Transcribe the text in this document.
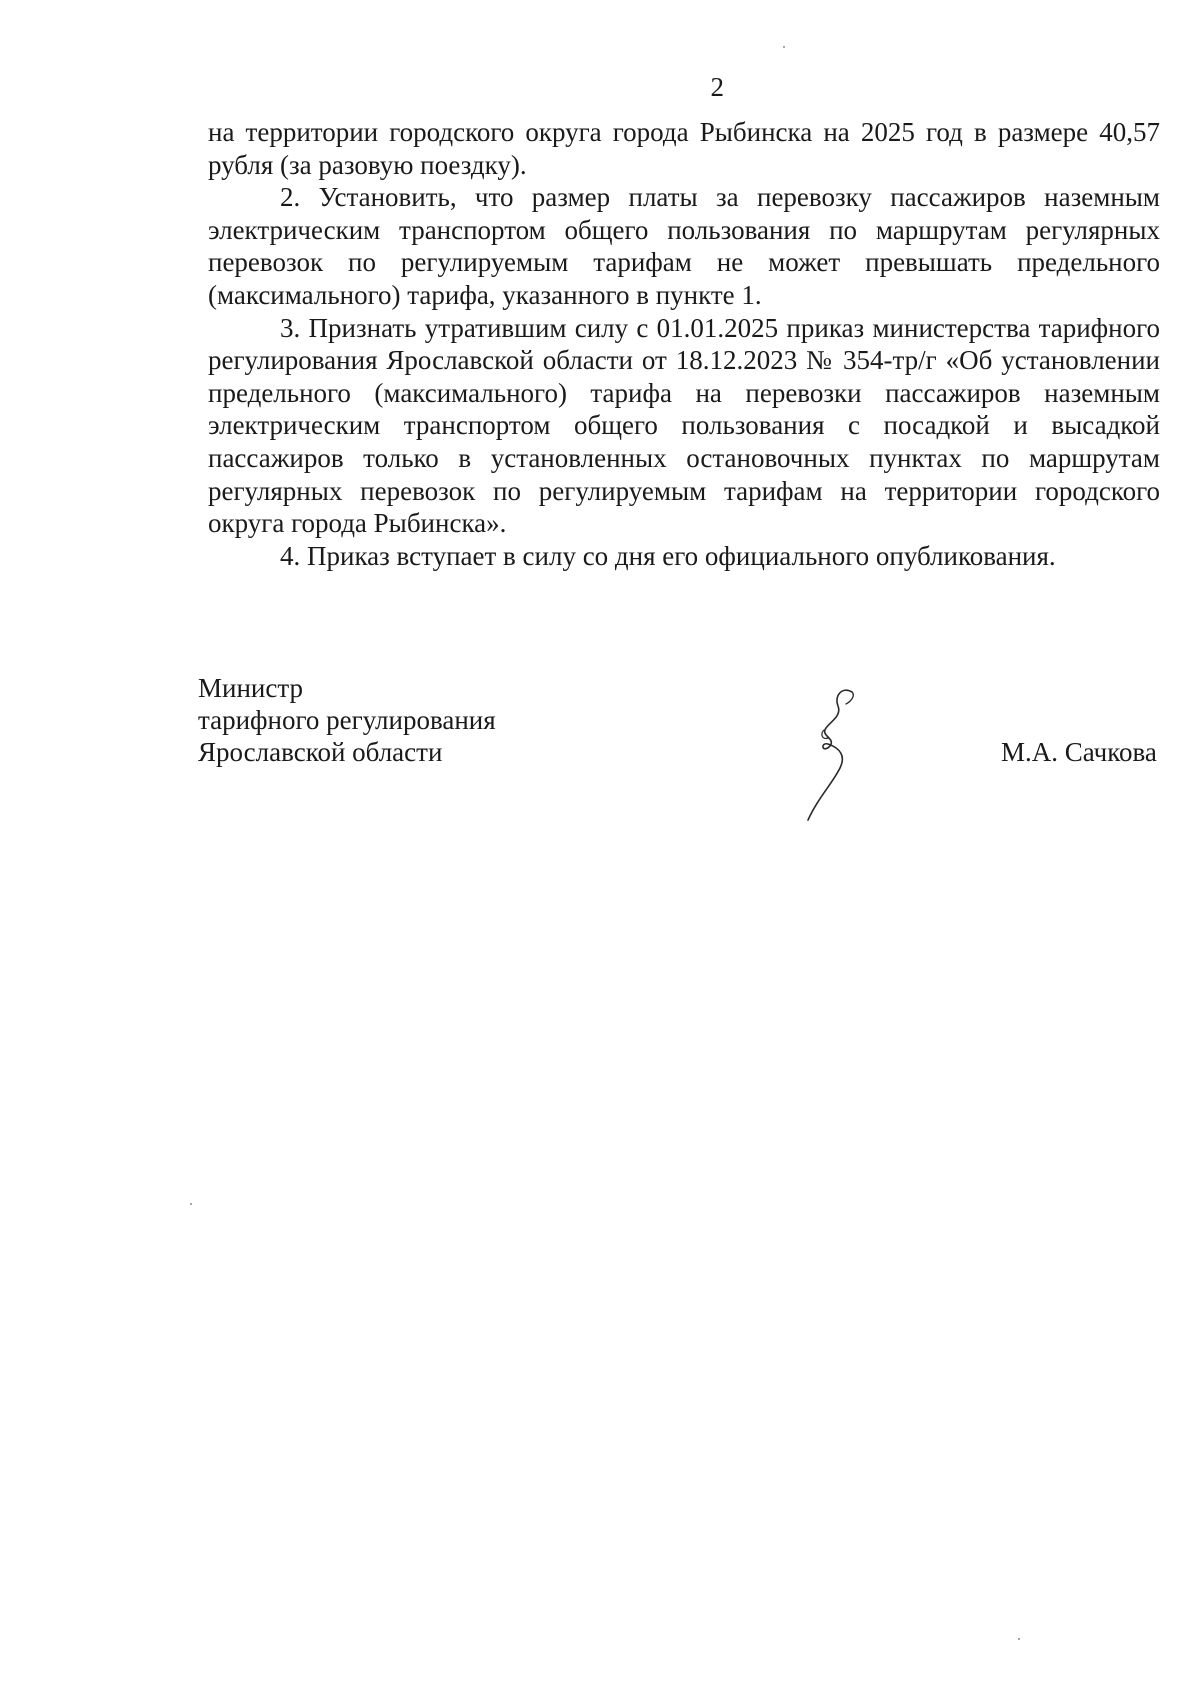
2

на территории городского округа города Рыбинска на 2025 год в размере 40,57 рубля (за разовую поездку).

2. Установить, что размер платы за перевозку пассажиров наземным электрическим транспортом общего пользования по маршрутам регулярных перевозок по регулируемым тарифам не может превышать предельного (максимального) тарифа, указанного в пункте 1.

3. Признать утратившим силу с 01.01.2025 приказ министерства тарифного регулирования Ярославской области от 18.12.2023 № 354-тр/г «Об установлении предельного (максимального) тарифа на перевозки пассажиров наземным электрическим транспортом общего пользования с посадкой и высадкой пассажиров только в установленных остановочных пунктах по маршрутам регулярных перевозок по регулируемым тарифам на территории городского округа города Рыбинска».

4. Приказ вступает в силу со дня его официального опубликования.

Министр
тарифного регулирования
Ярославской области	М.А. Сачкова
